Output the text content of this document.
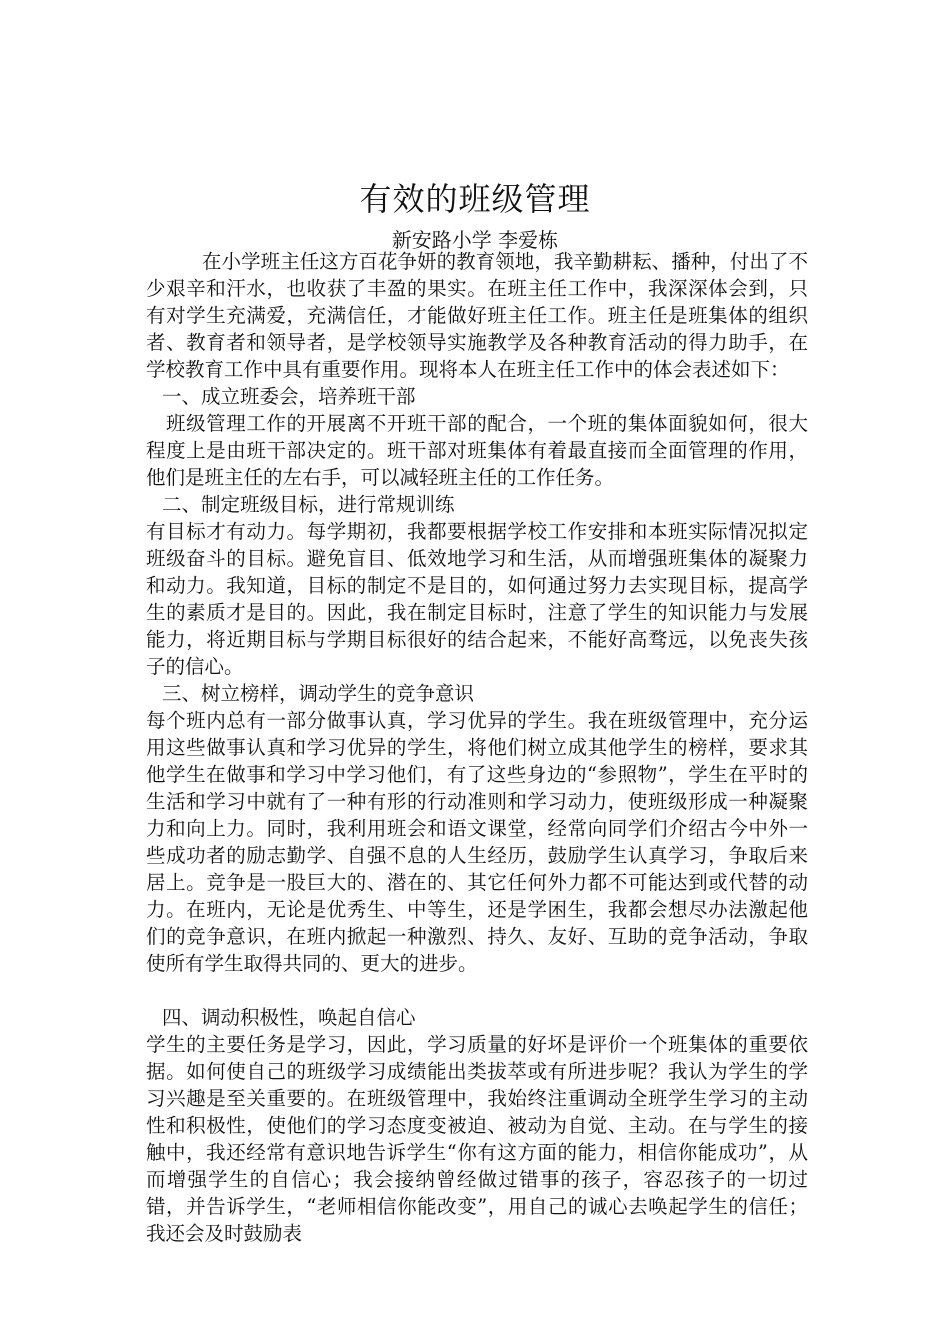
有效的班级管理
新安路小学 李爱栋

在小学班主任这方百花争妍的教育领地，我辛勤耕耘、播种，付出了不少艰辛和汗水，也收获了丰盈的果实。在班主任工作中，我深深体会到，只有对学生充满爱，充满信任，才能做好班主任工作。班主任是班集体的组织者、教育者和领导者，是学校领导实施教学及各种教育活动的得力助手，在学校教育工作中具有重要作用。现将本人在班主任工作中的体会表述如下：

一、成立班委会，培养班干部

班级管理工作的开展离不开班干部的配合，一个班的集体面貌如何，很大程度上是由班干部决定的。班干部对班集体有着最直接而全面管理的作用，他们是班主任的左右手，可以减轻班主任的工作任务。

二、制定班级目标，进行常规训练

有目标才有动力。每学期初，我都要根据学校工作安排和本班实际情况拟定班级奋斗的目标。避免盲目、低效地学习和生活，从而增强班集体的凝聚力和动力。我知道，目标的制定不是目的，如何通过努力去实现目标，提高学生的素质才是目的。因此，我在制定目标时，注意了学生的知识能力与发展能力，将近期目标与学期目标很好的结合起来，不能好高骛远，以免丧失孩子的信心。

三、树立榜样，调动学生的竞争意识

每个班内总有一部分做事认真，学习优异的学生。我在班级管理中，充分运用这些做事认真和学习优异的学生，将他们树立成其他学生的榜样，要求其他学生在做事和学习中学习他们，有了这些身边的“参照物”，学生在平时的生活和学习中就有了一种有形的行动准则和学习动力，使班级形成一种凝聚力和向上力。同时，我利用班会和语文课堂，经常向同学们介绍古今中外一些成功者的励志勤学、自强不息的人生经历，鼓励学生认真学习，争取后来居上。竞争是一股巨大的、潜在的、其它任何外力都不可能达到或代替的动力。在班内，无论是优秀生、中等生，还是学困生，我都会想尽办法激起他们的竞争意识，在班内掀起一种激烈、持久、友好、互助的竞争活动，争取使所有学生取得共同的、更大的进步。

四、调动积极性，唤起自信心

学生的主要任务是学习，因此，学习质量的好坏是评价一个班集体的重要依据。如何使自己的班级学习成绩能出类拔萃或有所进步呢？我认为学生的学习兴趣是至关重要的。在班级管理中，我始终注重调动全班学生学习的主动性和积极性，使他们的学习态度变被迫、被动为自觉、主动。在与学生的接触中，我还经常有意识地告诉学生“你有这方面的能力，相信你能成功”，从而增强学生的自信心；我会接纳曾经做过错事的孩子，容忍孩子的一切过错，并告诉学生，“老师相信你能改变”，用自己的诚心去唤起学生的信任；我还会及时鼓励表
